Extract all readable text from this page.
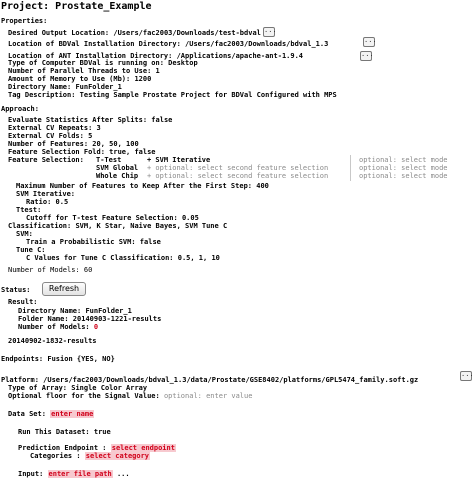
Project: Prostate_Example
Properties:
Desired Output Location: /Users/fac2003/Downloads/test-bdval ...
Location of BDVal Installation Directory: /Users/fac2003/Downloads/bdval_1.3	...
Location of ANT Installation Directory: /Applications/apache-ant-1.9.4	...
Type of Computer BDVal is running on: Desktop
Number of Parallel Threads to Use: 1
Amount of Memory to Use (Mb): 1200
Directory Name: FunFolder_1
Tag Description: Testing Sample Prostate Project for BDVal Configured with MPS
Approach:
Evaluate Statistics After Splits: false
External CV Repeats: 3
External CV Folds: 5
Number of Features: 20, 50, 100
Feature Selection Fold: true, false
Feature Selection: T-Test	+ SVM Iterative	optional: select mode
SVM Global + optional: select second feature selection	optional: select mode
Whole Chip + optional: select second feature selection	optional: select mode
Maximum Number of Features to Keep After the First Step: 400
SVM Iterative:
Ratio: 0.5
Ttest:
Cutoff for T-test Feature Selection: 0.05
Classification: SVM, K Star, Naive Bayes, SVM Tune C
SVM:
Train a Probabilistic SVM: false
Tune C:
C Values for Tune C Classification: 0.5, 1, 10
Number of Models: 60
Status:	Refresh
Result:
Directory Name: FunFolder_1
Folder Name: 20140903-1221-results
Number of Models: 0
20140902-1832-results
Endpoints: Fusion {YES, NO}
Platform: /Users/fac2003/Downloads/bdval_1.3/data/Prostate/GSE8402/platforms/GPL5474_family.soft.gz
...
Type of Array: Single Color Array
Optional floor for the Signal Value: optional: enter value
Data Set: enter name
Run This Dataset: true
Prediction Endpoint : select endpoint
Categories : select category
Input: enter file path ...
